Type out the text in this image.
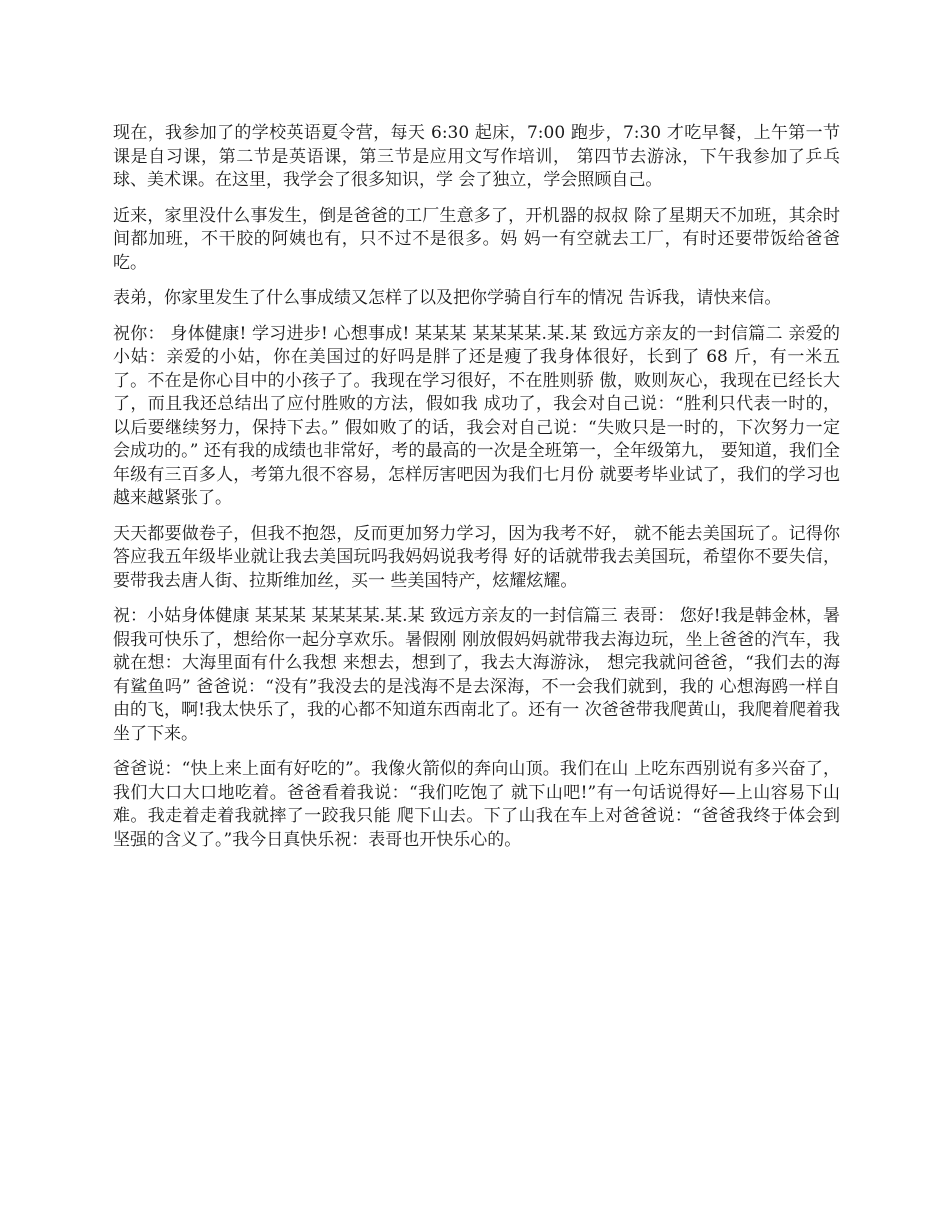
现在，我参加了的学校英语夏令营，每天 6:30 起床，7:00 跑步，7:30 才吃早餐，上午第一节课是自习课，第二节是英语课，第三节是应用文写作培训， 第四节去游泳，下午我参加了乒乓球、美术课。在这里，我学会了很多知识，学 会了独立，学会照顾自己。

近来，家里没什么事发生，倒是爸爸的工厂生意多了，开机器的叔叔 除了星期天不加班，其余时间都加班，不干胶的阿姨也有，只不过不是很多。妈 妈一有空就去工厂，有时还要带饭给爸爸吃。

表弟，你家里发生了什么事成绩又怎样了以及把你学骑自行车的情况 告诉我，请快来信。

祝你： 身体健康! 学习进步! 心想事成! 某某某 某某某某.某.某 致远方亲友的一封信篇二 亲爱的小姑：亲爱的小姑，你在美国过的好吗是胖了还是瘦了我身体很好，长到了 68 斤，有一米五了。不在是你心目中的小孩子了。我现在学习很好，不在胜则骄 傲，败则灰心，我现在已经长大了，而且我还总结出了应付胜败的方法，假如我 成功了，我会对自己说：“胜利只代表一时的，以后要继续努力，保持下去。” 假如败了的话，我会对自己说：“失败只是一时的，下次努力一定会成功的。” 还有我的成绩也非常好，考的最高的一次是全班第一，全年级第九， 要知道，我们全年级有三百多人，考第九很不容易，怎样厉害吧因为我们七月份 就要考毕业试了，我们的学习也越来越紧张了。

天天都要做卷子，但我不抱怨，反而更加努力学习，因为我考不好， 就不能去美国玩了。记得你答应我五年级毕业就让我去美国玩吗我妈妈说我考得 好的话就带我去美国玩，希望你不要失信，要带我去唐人街、拉斯维加丝，买一 些美国特产，炫耀炫耀。

祝：小姑身体健康 某某某 某某某某.某.某 致远方亲友的一封信篇三 表哥： 您好!我是韩金林，暑假我可快乐了，想给你一起分享欢乐。暑假刚 刚放假妈妈就带我去海边玩，坐上爸爸的汽车，我就在想：大海里面有什么我想 来想去，想到了，我去大海游泳， 想完我就问爸爸，“我们去的海有鲨鱼吗” 爸爸说：“没有”我没去的是浅海不是去深海，不一会我们就到，我的 心想海鸥一样自由的飞，啊!我太快乐了，我的心都不知道东西南北了。还有一 次爸爸带我爬黄山，我爬着爬着我坐了下来。

爸爸说：“快上来上面有好吃的”。我像火箭似的奔向山顶。我们在山 上吃东西别说有多兴奋了，我们大口大口地吃着。爸爸看着我说：“我们吃饱了 就下山吧!”有一句话说得好—上山容易下山难。我走着走着我就摔了一跤我只能 爬下山去。下了山我在车上对爸爸说：“爸爸我终于体会到坚强的含义了。”我今日真快乐祝：表哥也开快乐心的。
